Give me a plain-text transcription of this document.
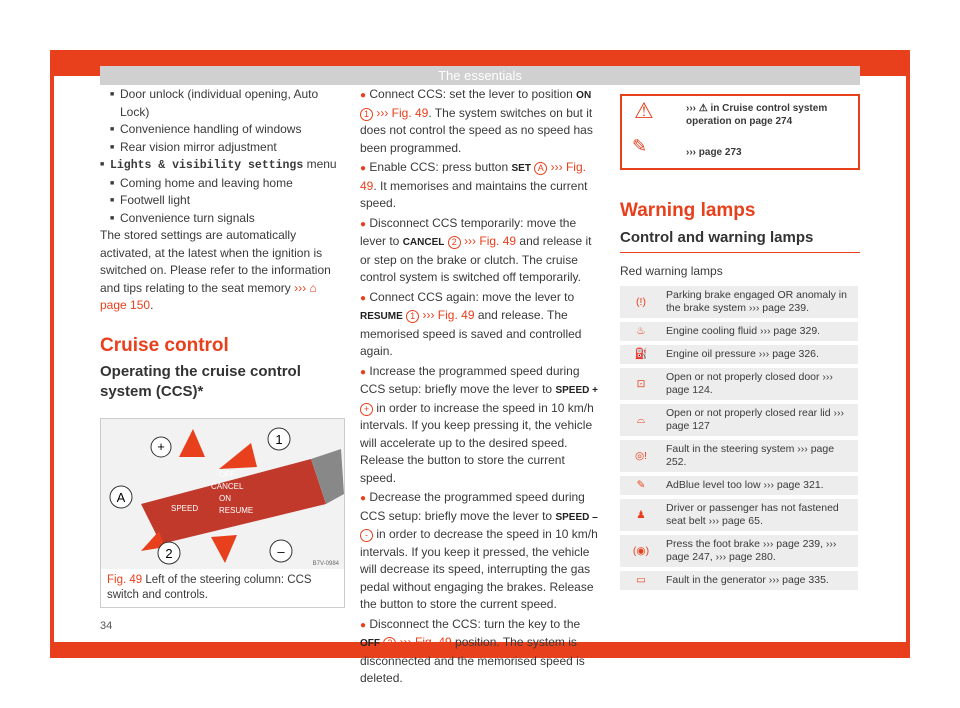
The essentials
■ Door unlock (individual opening, Auto Lock)
■ Convenience handling of windows
■ Rear vision mirror adjustment
■ Lights & visibility settings menu
■ Coming home and leaving home
■ Footwell light
■ Convenience turn signals
The stored settings are automatically activated, at the latest when the ignition is switched on. Please refer to the information and tips relating to the seat memory ››› ⌂ page 150.
Cruise control
Operating the cruise control system (CCS)*
+	1
A
2	–
OFF
CANCEL
ON
RESUME
SPEED
B7V-0984
Fig. 49 Left of the steering column: CCS switch and controls.
● Connect CCS: set the lever to position ON 1 ››› Fig. 49. The system switches on but it does not control the speed as no speed has been programmed.
● Enable CCS: press button SET A ››› Fig. 49. It memorises and maintains the current speed.
● Disconnect CCS temporarily: move the lever to CANCEL 2 ››› Fig. 49 and release it or step on the brake or clutch. The cruise control system is switched off temporarily.
● Connect CCS again: move the lever to RESUME 1 ››› Fig. 49 and release. The memorised speed is saved and controlled again.
● Increase the programmed speed during CCS setup: briefly move the lever to SPEED + + in order to increase the speed in 10 km/h intervals. If you keep pressing it, the vehicle will accelerate up to the desired speed. Release the button to store the current speed.
● Decrease the programmed speed during CCS setup: briefly move the lever to SPEED – - in order to decrease the speed in 10 km/h intervals. If you keep it pressed, the vehicle will decrease its speed, interrupting the gas pedal without engaging the brakes. Release the button to store the current speed.
● Disconnect the CCS: turn the key to the OFF 2 ››› Fig. 49 position. The system is disconnected and the memorised speed is deleted.
⚠
✎
››› ⚠ in Cruise control system operation on page 274
››› page 273
Warning lamps
Control and warning lamps
Red warning lamps
(!)	Parking brake engaged OR anomaly in the brake system ››› page 239.
♨	Engine cooling fluid ››› page 329.
⛽	Engine oil pressure ››› page 326.
⊡	Open or not properly closed door ››› page 124.
⌓	Open or not properly closed rear lid ››› page 127
◎!	Fault in the steering system ››› page 252.
✎	AdBlue level too low ››› page 321.
♟	Driver or passenger has not fastened seat belt ››› page 65.
(◉)	Press the foot brake ››› page 239, ››› page 247, ››› page 280.
▭	Fault in the generator ››› page 335.
34
